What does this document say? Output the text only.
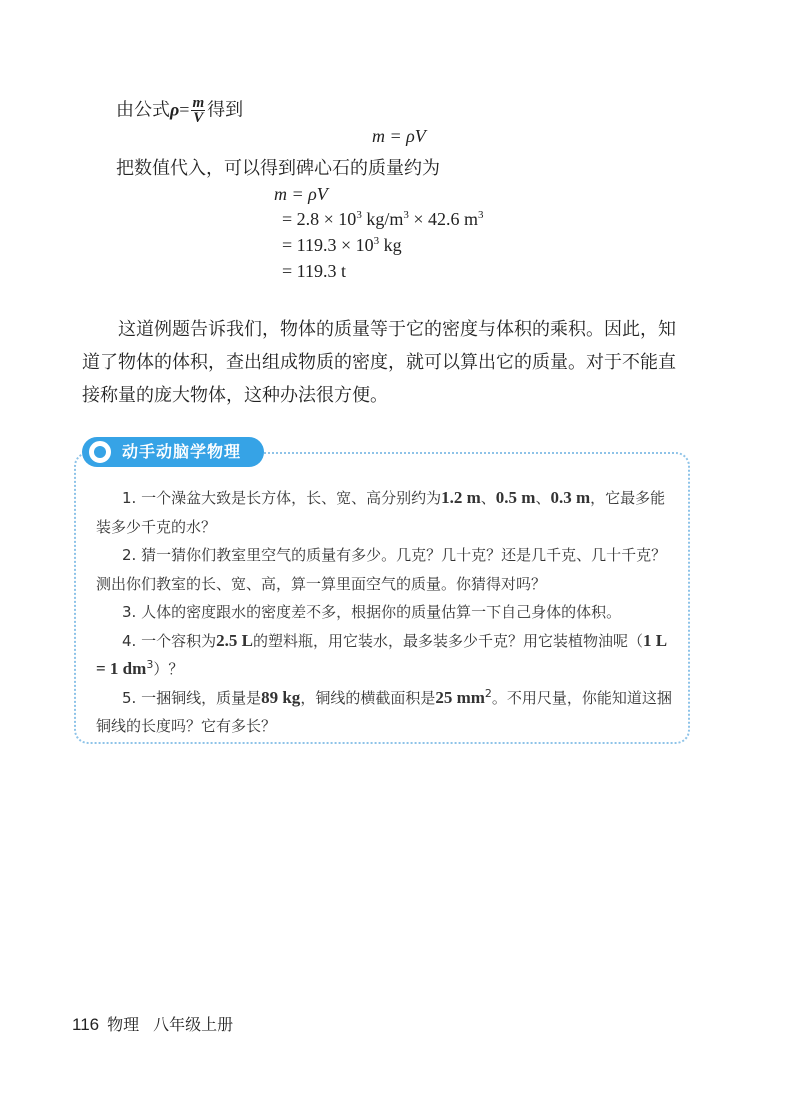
由公式$\rho= \frac{m}{V}$ 得到
m = ρV
把数值代入，可以得到碑心石的质量约为
m = ρV
= $2.8 \times 10^3$ $kg/m^3 \times 42.6$ $m^3$
= $119.3 \times 10^3$ kg
= 119.3 t

这道例题告诉我们，物体的质量等于它的密度与体积的乘积。因此，知道了物体的体积，查出组成物质的密度，就可以算出它的质量。对于不能直接称量的庞大物体，这种办法很方便。

动手动脑学物理

1. 一个澡盆大致是长方体，长、宽、高分别约为1.2 m、0.5 m、0.3 m，它最多能装多少千克的水？

2. 猜一猜你们教室里空气的质量有多少。几克？几十克？还是几千克、几十千克？测出你们教室的长、宽、高，算一算里面空气的质量。你猜得对吗？

3. 人体的密度跟水的密度差不多，根据你的质量估算一下自己身体的体积。

4. 一个容积为2.5 L的塑料瓶，用它装水，最多装多少千克？用它装植物油呢（1 L = 1 $dm^3$）？

5. 一捆铜线，质量是89 kg，铜线的横截面积是25 $mm^2$。不用尺量，你能知道这捆铜线的长度吗？它有多长？

116 物理 八年级上册
